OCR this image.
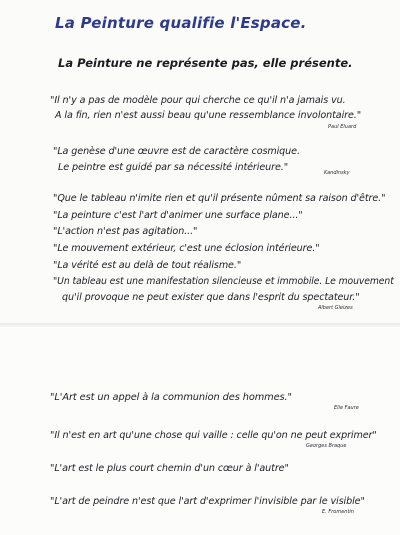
La Peinture qualifie l'Espace.
La Peinture ne représente pas, elle présente.
"Il n'y a pas de modèle pour qui cherche ce qu'il n'a jamais vu.
A la fin, rien n'est aussi beau qu'une ressemblance involontaire."
Paul Eluard
"La genèse d'une œuvre est de caractère cosmique.
Le peintre est guidé par sa nécessité intérieure."	Kandinsky
"Que le tableau n'imite rien et qu'il présente nûment sa raison d'être."
"La peinture c'est l'art d'animer une surface plane..."
"L'action n'est pas agitation..."
"Le mouvement extérieur, c'est une éclosion intérieure."
"La vérité est au delà de tout réalisme."
"Un tableau est une manifestation silencieuse et immobile. Le mouvement
qu'il provoque ne peut exister que dans l'esprit du spectateur."
Albert Gleizes
"L'Art est un appel à la communion des hommes."
Elie Faure
"Il n'est en art qu'une chose qui vaille : celle qu'on ne peut exprimer"
Georges Braque
"L'art est le plus court chemin d'un cœur à l'autre"
"L'art de peindre n'est que l'art d'exprimer l'invisible par le visible"
E. Fromentin
